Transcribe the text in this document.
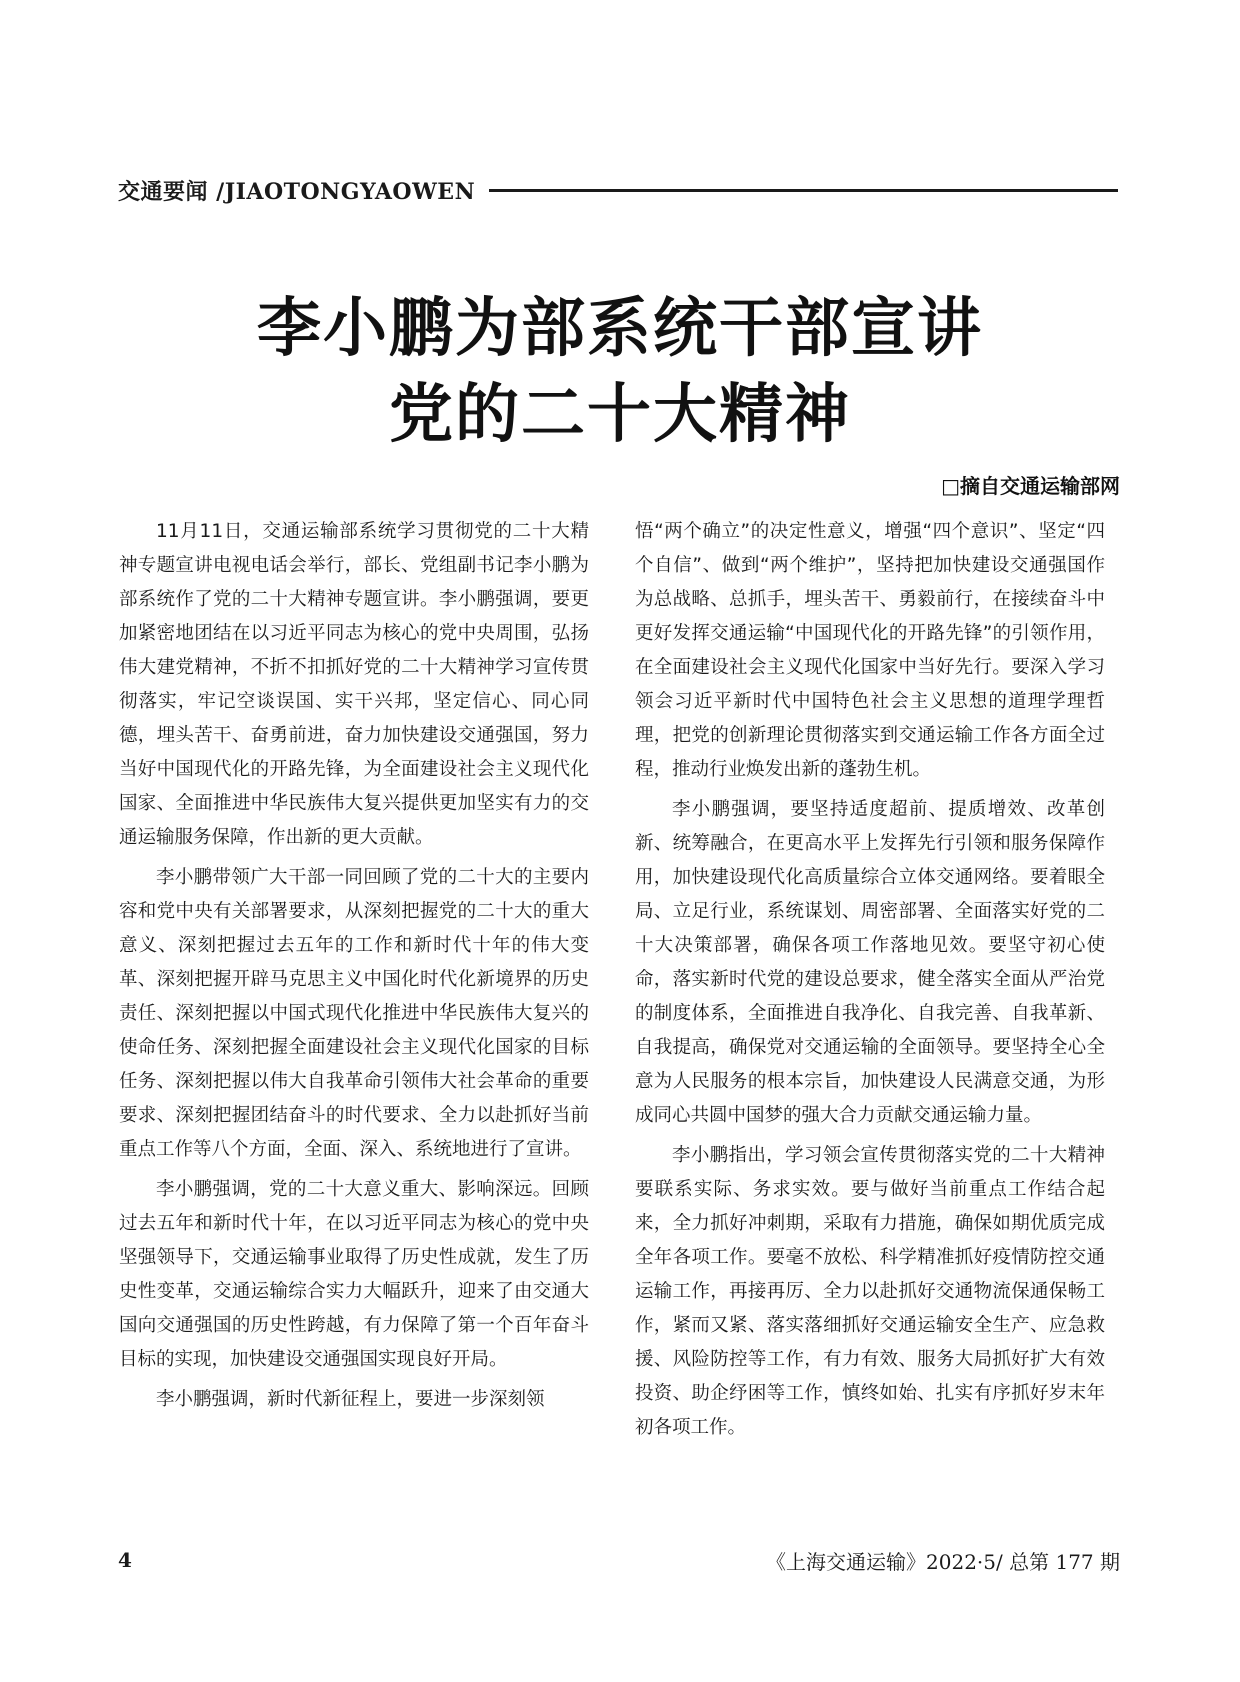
交通要闻 /JIAOTONGYAOWEN
李小鹏为部系统干部宣讲
党的二十大精神
□摘自交通运输部网

11月11日，交通运输部系统学习贯彻党的二十大精神专题宣讲电视电话会举行，部长、党组副书记李小鹏为部系统作了党的二十大精神专题宣讲。李小鹏强调，要更加紧密地团结在以习近平同志为核心的党中央周围，弘扬伟大建党精神，不折不扣抓好党的二十大精神学习宣传贯彻落实，牢记空谈误国、实干兴邦，坚定信心、同心同德，埋头苦干、奋勇前进，奋力加快建设交通强国，努力当好中国现代化的开路先锋，为全面建设社会主义现代化国家、全面推进中华民族伟大复兴提供更加坚实有力的交通运输服务保障，作出新的更大贡献。

李小鹏带领广大干部一同回顾了党的二十大的主要内容和党中央有关部署要求，从深刻把握党的二十大的重大意义、深刻把握过去五年的工作和新时代十年的伟大变革、深刻把握开辟马克思主义中国化时代化新境界的历史责任、深刻把握以中国式现代化推进中华民族伟大复兴的使命任务、深刻把握全面建设社会主义现代化国家的目标任务、深刻把握以伟大自我革命引领伟大社会革命的重要要求、深刻把握团结奋斗的时代要求、全力以赴抓好当前重点工作等八个方面，全面、深入、系统地进行了宣讲。

李小鹏强调，党的二十大意义重大、影响深远。回顾过去五年和新时代十年，在以习近平同志为核心的党中央坚强领导下，交通运输事业取得了历史性成就，发生了历史性变革，交通运输综合实力大幅跃升，迎来了由交通大国向交通强国的历史性跨越，有力保障了第一个百年奋斗目标的实现，加快建设交通强国实现良好开局。

李小鹏强调，新时代新征程上，要进一步深刻领

悟“两个确立”的决定性意义，增强“四个意识”、坚定“四个自信”、做到“两个维护”，坚持把加快建设交通强国作为总战略、总抓手，埋头苦干、勇毅前行，在接续奋斗中更好发挥交通运输“中国现代化的开路先锋”的引领作用，在全面建设社会主义现代化国家中当好先行。要深入学习领会习近平新时代中国特色社会主义思想的道理学理哲理，把党的创新理论贯彻落实到交通运输工作各方面全过程，推动行业焕发出新的蓬勃生机。

李小鹏强调，要坚持适度超前、提质增效、改革创新、统筹融合，在更高水平上发挥先行引领和服务保障作用，加快建设现代化高质量综合立体交通网络。要着眼全局、立足行业，系统谋划、周密部署、全面落实好党的二十大决策部署，确保各项工作落地见效。要坚守初心使命，落实新时代党的建设总要求，健全落实全面从严治党的制度体系，全面推进自我净化、自我完善、自我革新、自我提高，确保党对交通运输的全面领导。要坚持全心全意为人民服务的根本宗旨，加快建设人民满意交通，为形成同心共圆中国梦的强大合力贡献交通运输力量。

李小鹏指出，学习领会宣传贯彻落实党的二十大精神要联系实际、务求实效。要与做好当前重点工作结合起来，全力抓好冲刺期，采取有力措施，确保如期优质完成全年各项工作。要毫不放松、科学精准抓好疫情防控交通运输工作，再接再厉、全力以赴抓好交通物流保通保畅工作，紧而又紧、落实落细抓好交通运输安全生产、应急救援、风险防控等工作，有力有效、服务大局抓好扩大有效投资、助企纾困等工作，慎终如始、扎实有序抓好岁末年初各项工作。

4	《上海交通运输》2022·5/ 总第 177 期
